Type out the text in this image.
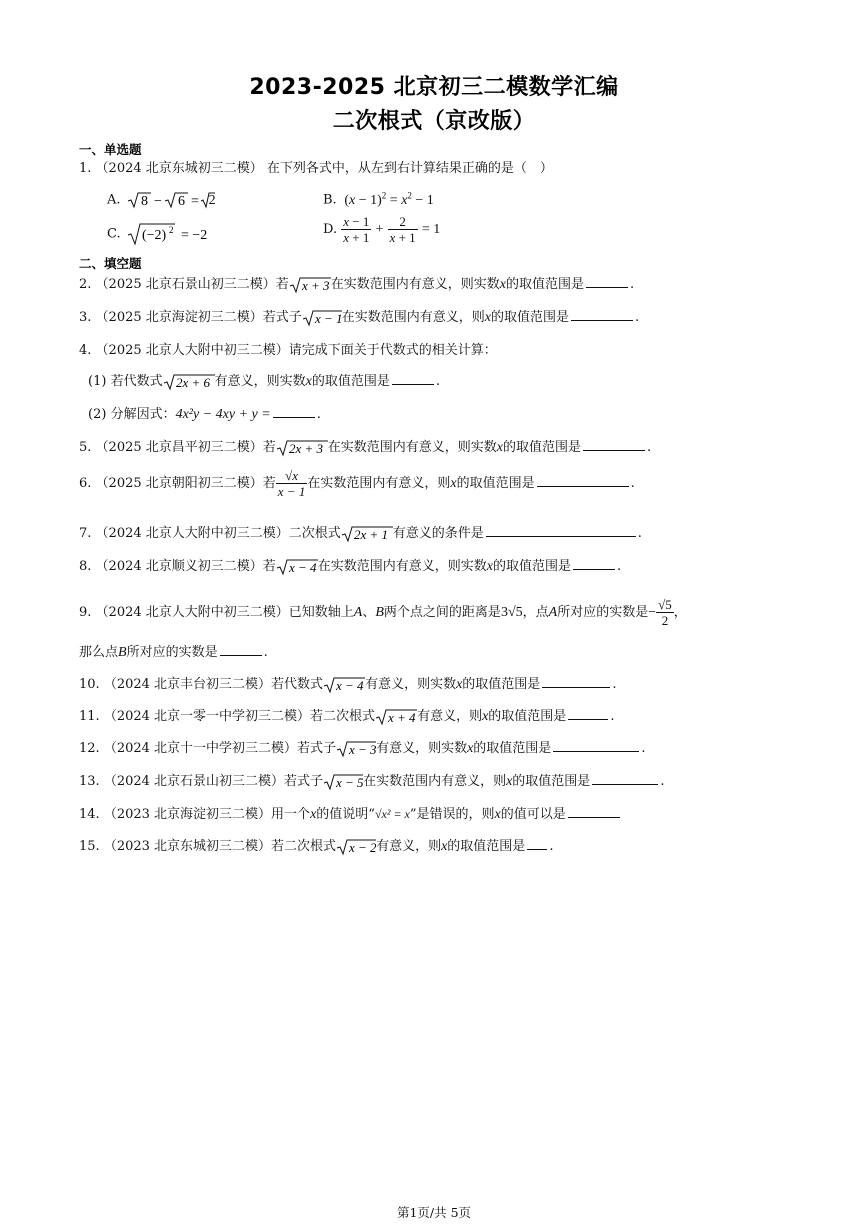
2023-2025 北京初三二模数学汇编
二次根式（京改版）
一、单选题
1. （2024 北京东城初三二模） 在下列各式中，从左到右计算结果正确的是（　）
A. 8 − 6 = 2	B.  $(x - 1)^2 = x^2 - 1$
C. (−2) 2 = −2	D. $\frac{x - 1}{x + 1} + \frac{2}{x + 1} = 1$
二、填空题
2. （2025 北京石景山初三二模）若 x + 3 在实数范围内有意义，则实数x的取值范围是	.
3. （2025 北京海淀初三二模）若式子 x − 1 在实数范围内有意义，则x的取值范围是	.
4. （2025 北京人大附中初三二模）请完成下面关于代数式的相关计算：
(1) 若代数式 2x + 6 有意义，则实数x的取值范围是	.
(2) 分解因式：4x²y − 4xy + y =	.
5. （2025 北京昌平初三二模）若 2x + 3 在实数范围内有意义，则实数x的取值范围是	.
6. （2025 北京朝阳初三二模）若 $\frac{√x}{x - 1}$ 在实数范围内有意义，则x的取值范围是	.
7. （2024 北京人大附中初三二模）二次根式 2x + 1 有意义的条件是	.
8. （2024 北京顺义初三二模）若 x − 4 在实数范围内有意义，则实数x的取值范围是	.
9. （2024 北京人大附中初三二模）已知数轴上A、B两个点之间的距离是3√5，点A所对应的实数是− $\frac{√5}{2}$ ，
那么点B所对应的实数是	.
10. （2024 北京丰台初三二模）若代数式 x − 4 有意义，则实数x的取值范围是	.
11. （2024 北京一零一中学初三二模）若二次根式 x + 4 有意义，则x的取值范围是	.
12. （2024 北京十一中学初三二模）若式子 x − 3 有意义，则实数x的取值范围是	.
13. （2024 北京石景山初三二模）若式子 x − 5 在实数范围内有意义，则x的取值范围是	.
14. （2023 北京海淀初三二模）用一个x的值说明“√x² = x”是错误的，则x的值可以是
15. （2023 北京东城初三二模）若二次根式 x − 2 有意义，则x的取值范围是 .
第1页/共 5页
